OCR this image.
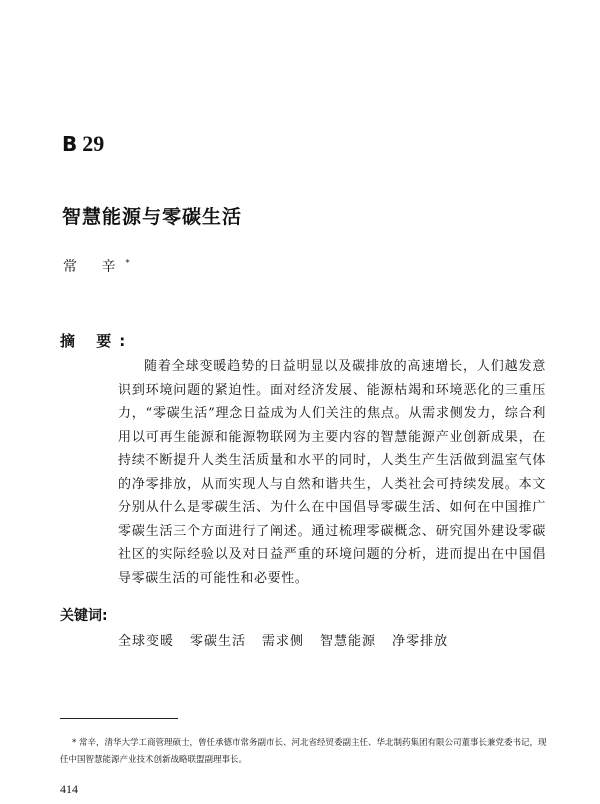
B 29
智慧能源与零碳生活
常 辛*
摘 要:

随着全球变暖趋势的日益明显以及碳排放的高速增长，人们越发意识到环境问题的紧迫性。面对经济发展、能源枯竭和环境恶化的三重压力，“零碳生活”理念日益成为人们关注的焦点。从需求侧发力，综合利用以可再生能源和能源物联网为主要内容的智慧能源产业创新成果，在持续不断提升人类生活质量和水平的同时，人类生产生活做到温室气体的净零排放，从而实现人与自然和谐共生，人类社会可持续发展。本文分别从什么是零碳生活、为什么在中国倡导零碳生活、如何在中国推广零碳生活三个方面进行了阐述。通过梳理零碳概念、研究国外建设零碳社区的实际经验以及对日益严重的环境问题的分析，进而提出在中国倡导零碳生活的可能性和必要性。

关键词:
全球变暖 零碳生活 需求侧 智慧能源 净零排放

* 常辛，清华大学工商管理硕士，曾任承德市常务副市长、河北省经贸委副主任、华北制药集团有限公司董事长兼党委书记，现任中国智慧能源产业技术创新战略联盟副理事长。

414
